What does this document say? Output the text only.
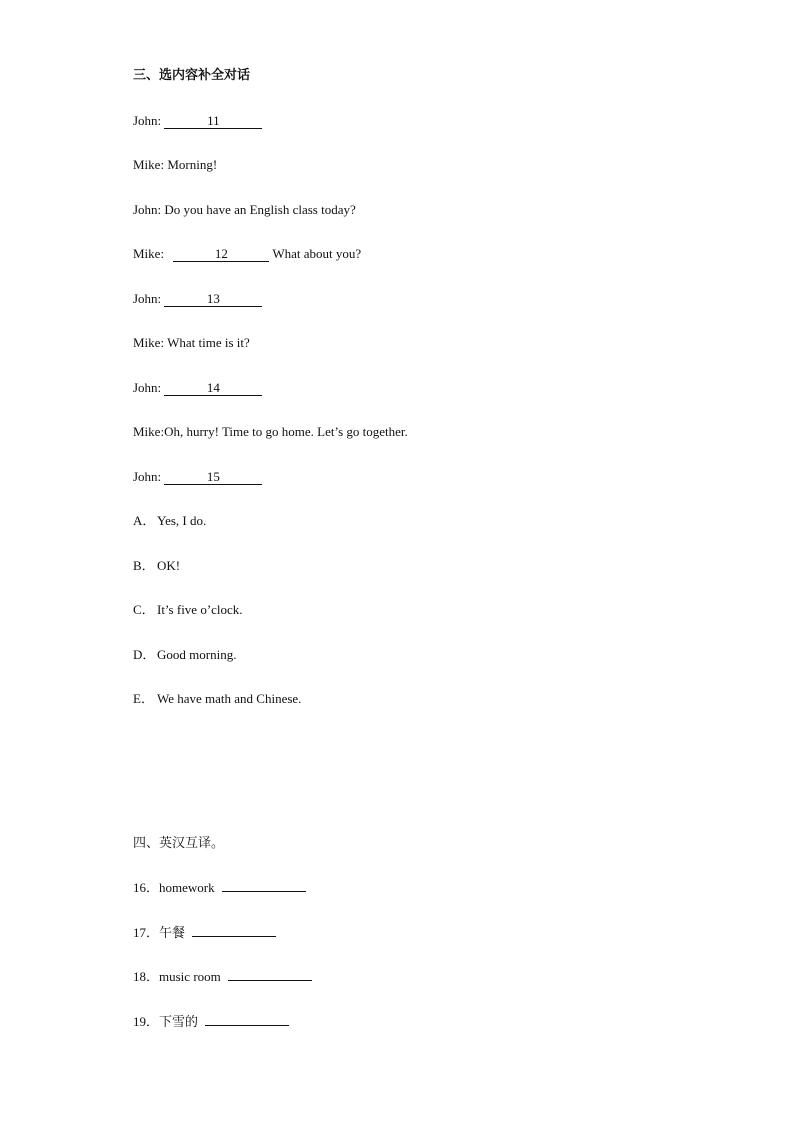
三、选内容补全对话
John:	11
Mike: Morning!
John: Do you have an English class today?
Mike:	12	What about you?
John:	13
Mike: What time is it?
John:	14
Mike:Oh, hurry! Time to go home. Let’s go together.
John:	15
A． Yes, I do.
B． OK!
C． It’s five o’clock.
D． Good morning.
E． We have math and Chinese.
四、英汉互译。
16．homework
17．午餐
18．music room
19．下雪的
